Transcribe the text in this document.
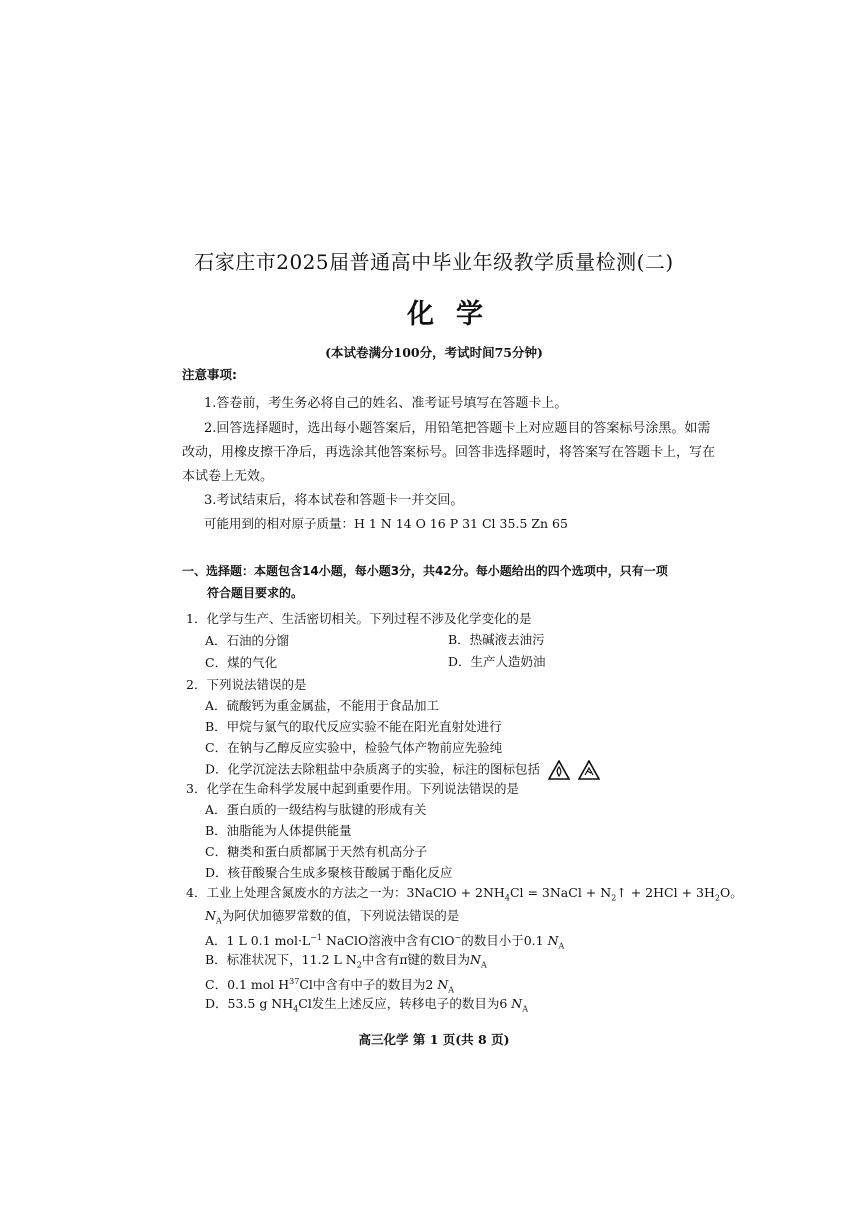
石家庄市2025届普通高中毕业年级教学质量检测(二)
化学
(本试卷满分100分，考试时间75分钟)
注意事项:
1.答卷前，考生务必将自己的姓名、准考证号填写在答题卡上。
2.回答选择题时，选出每小题答案后，用铅笔把答题卡上对应题目的答案标号涂黑。如需
改动，用橡皮擦干净后，再选涂其他答案标号。回答非选择题时，将答案写在答题卡上，写在
本试卷上无效。
3.考试结束后，将本试卷和答题卡一并交回。
可能用到的相对原子质量：H 1 N 14 O 16 P 31 Cl 35.5 Zn 65
一、选择题：本题包含14小题，每小题3分，共42分。每小题给出的四个选项中，只有一项
符合题目要求的。
1．化学与生产、生活密切相关。下列过程不涉及化学变化的是
A．石油的分馏	B．热碱液去油污
C．煤的气化	D．生产人造奶油
2．下列说法错误的是
A．硫酸钙为重金属盐，不能用于食品加工
B．甲烷与氯气的取代反应实验不能在阳光直射处进行
C．在钠与乙醇反应实验中，检验气体产物前应先验纯
D．化学沉淀法去除粗盐中杂质离子的实验，标注的图标包括
3．化学在生命科学发展中起到重要作用。下列说法错误的是
A．蛋白质的一级结构与肽键的形成有关
B．油脂能为人体提供能量
C．糖类和蛋白质都属于天然有机高分子
D．核苷酸聚合生成多聚核苷酸属于酯化反应
4．工业上处理含氮废水的方法之一为：3NaClO + $2NH_4Cl$ = 3NaCl + $N_2↑ + 2HCl + 3H_2O$。
$N_A$为阿伏加德罗常数的值，下列说法错误的是
A．1 L 0.1 $mol\cdot L^{-1}$ NaClO溶液中含有ClO−的数目小于0.1 $N_A$
B．标准状况下，11.2 L $N_2$中含有π键的数目为$N_A$
C．0.1 mol $H^{37}Cl$中含有中子的数目为2 $N_A$
D．53.5 g $NH_4Cl$发生上述反应，转移电子的数目为6 $N_A$
高三化学 第 1 页(共 8 页)
